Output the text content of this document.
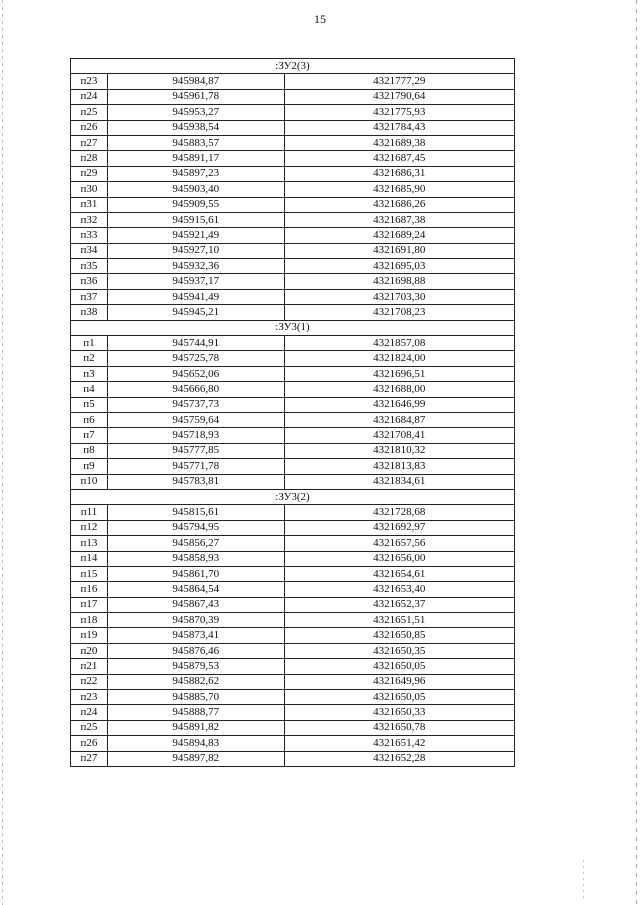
15
:ЗУ2(3)		
п23	945984,87	4321777,29
п24	945961,78	4321790,64
п25	945953,27	4321775,93
п26	945938,54	4321784,43
п27	945883,57	4321689,38
п28	945891,17	4321687,45
п29	945897,23	4321686,31
п30	945903,40	4321685,90
п31	945909,55	4321686,26
п32	945915,61	4321687,38
п33	945921,49	4321689,24
п34	945927,10	4321691,80
п35	945932,36	4321695,03
п36	945937,17	4321698,88
п37	945941,49	4321703,30
п38	945945,21	4321708,23
:ЗУ3(1)		
п1	945744,91	4321857,08
п2	945725,78	4321824,00
п3	945652,06	4321696,51
п4	945666,80	4321688,00
п5	945737,73	4321646,99
п6	945759,64	4321684,87
п7	945718,93	4321708,41
п8	945777,85	4321810,32
п9	945771,78	4321813,83
п10	945783,81	4321834,61
:ЗУ3(2)		
п11	945815,61	4321728,68
п12	945794,95	4321692,97
п13	945856,27	4321657,56
п14	945858,93	4321656,00
п15	945861,70	4321654,61
п16	945864,54	4321653,40
п17	945867,43	4321652,37
п18	945870,39	4321651,51
п19	945873,41	4321650,85
п20	945876,46	4321650,35
п21	945879,53	4321650,05
п22	945882,62	4321649,96
п23	945885,70	4321650,05
п24	945888,77	4321650,33
п25	945891,82	4321650,78
п26	945894,83	4321651,42
п27	945897,82	4321652,28
